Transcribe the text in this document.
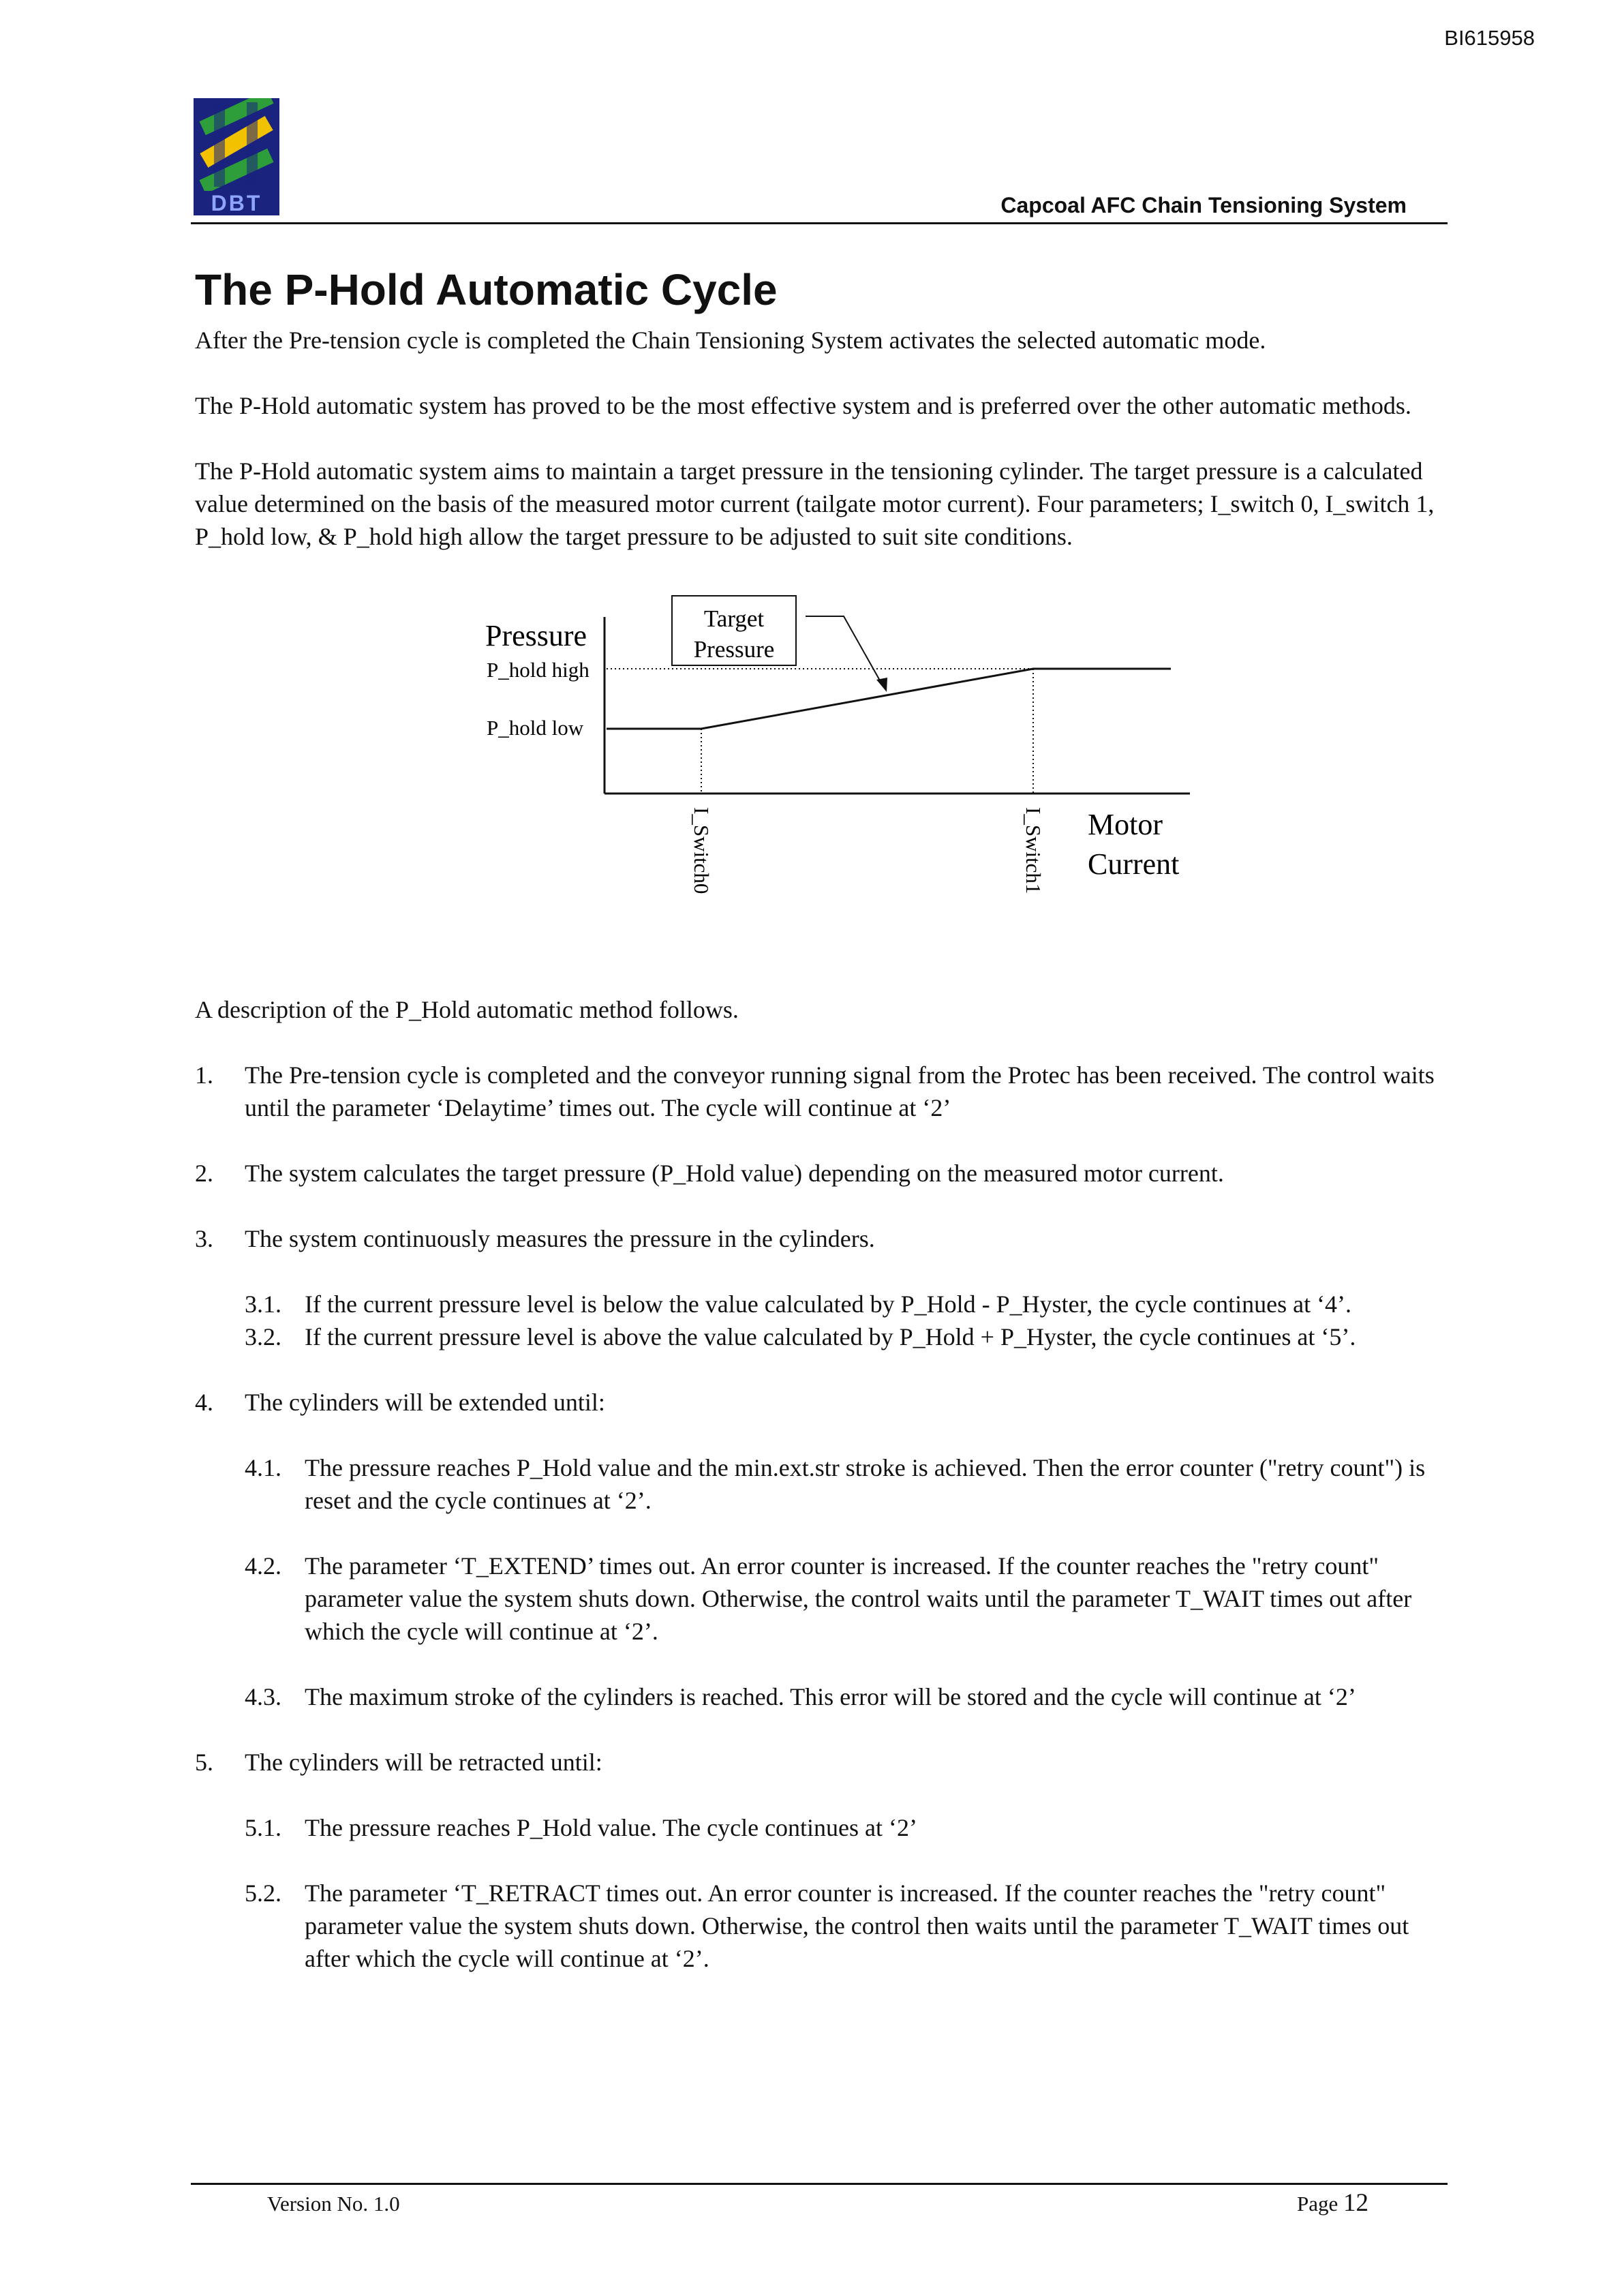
BI615958
DBT	Capcoal AFC Chain Tensioning System
The P-Hold Automatic Cycle

After the Pre-tension cycle is completed the Chain Tensioning System activates the selected automatic mode.

The P-Hold automatic system has proved to be the most effective system and is preferred over the other automatic methods.

The P-Hold automatic system aims to maintain a target pressure in the tensioning cylinder. The target pressure is a calculated value determined on the basis of the measured motor current (tailgate motor current). Four parameters; I_switch 0, I_switch 1, P_hold low, & P_hold high allow the target pressure to be adjusted to suit site conditions.

Pressure
P_hold high
P_hold low
Target
Pressure
I_Switch0	I_Switch1 Motor
Current

A description of the P_Hold automatic method follows.

1. The Pre-tension cycle is completed and the conveyor running signal from the Protec has been received. The control waits until the parameter ‘Delaytime’ times out. The cycle will continue at ‘2’
2. The system calculates the target pressure (P_Hold value) depending on the measured motor current.
3. The system continuously measures the pressure in the cylinders.
3.1. If the current pressure level is below the value calculated by P_Hold - P_Hyster, the cycle continues at ‘4’.
3.2. If the current pressure level is above the value calculated by P_Hold + P_Hyster, the cycle continues at ‘5’.
4. The cylinders will be extended until:
4.1. The pressure reaches P_Hold value and the min.ext.str stroke is achieved. Then the error counter ("retry count") is reset and the cycle continues at ‘2’.
4.2. The parameter ‘T_EXTEND’ times out. An error counter is increased. If the counter reaches the "retry count" parameter value the system shuts down. Otherwise, the control waits until the parameter T_WAIT times out after which the cycle will continue at ‘2’.
4.3. The maximum stroke of the cylinders is reached. This error will be stored and the cycle will continue at ‘2’
5. The cylinders will be retracted until:
5.1. The pressure reaches P_Hold value. The cycle continues at ‘2’
5.2. The parameter ‘T_RETRACT times out. An error counter is increased. If the counter reaches the "retry count" parameter value the system shuts down. Otherwise, the control then waits until the parameter T_WAIT times out after which the cycle will continue at ‘2’.
Version No. 1.0	Page 12
